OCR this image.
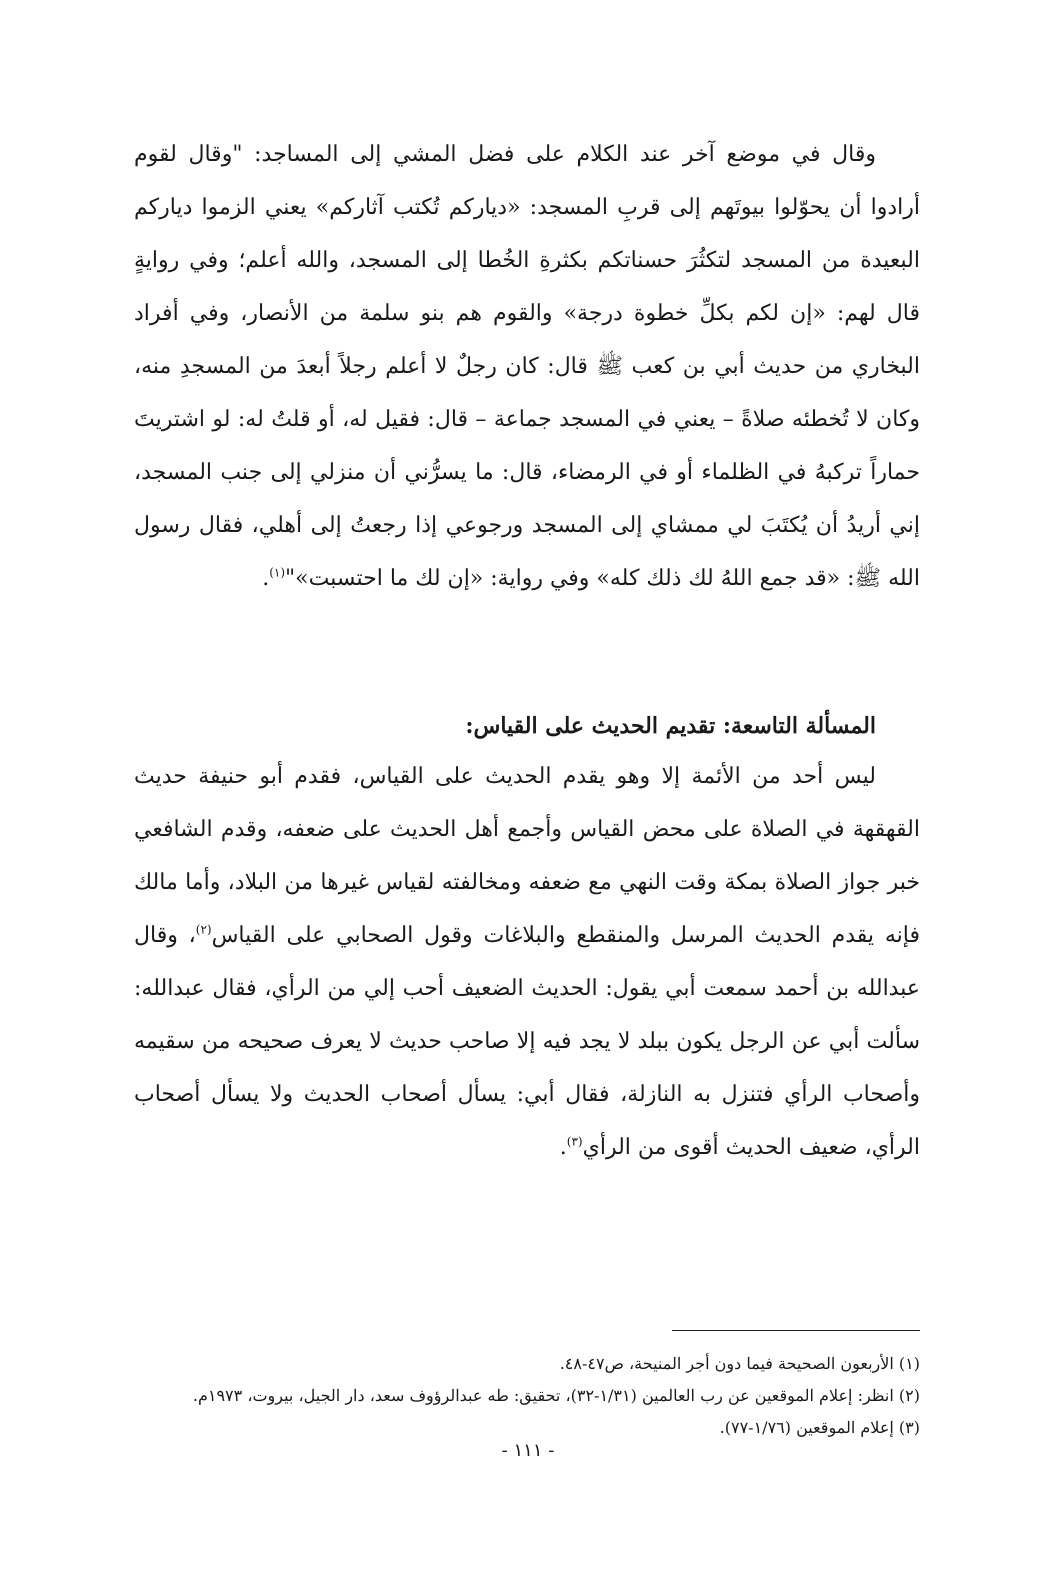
وقال في موضع آخر عند الكلام على فضل المشي إلى المساجد: "وقال لقوم أرادوا أن يحوّلوا بيوتَهم إلى قربِ المسجد: «دياركم تُكتب آثاركم» يعني الزموا دياركم البعيدة من المسجد لتكثُرَ حسناتكم بكثرةِ الخُطا إلى المسجد، والله أعلم؛ وفي روايةٍ قال لهم: «إن لكم بكلِّ خطوة درجة» والقوم هم بنو سلمة من الأنصار، وفي أفراد البخاري من حديث أبي بن كعب ﷺ قال: كان رجلٌ لا أعلم رجلاً أبعدَ من المسجدِ منه، وكان لا تُخطئه صلاةً – يعني في المسجد جماعة – قال: فقيل له، أو قلتُ له: لو اشتريتَ حماراً تركبهُ في الظلماء أو في الرمضاء، قال: ما يسرُّني أن منزلي إلى جنب المسجد، إني أريدُ أن يُكتَبَ لي ممشاي إلى المسجد ورجوعي إذا رجعتُ إلى أهلي، فقال رسول الله ﷺ: «قد جمع اللهُ لك ذلك كله» وفي رواية: «إن لك ما احتسبت»"$^{(١)}$.
المسألة التاسعة: تقديم الحديث على القياس:
ليس أحد من الأئمة إلا وهو يقدم الحديث على القياس، فقدم أبو حنيفة حديث القهقهة في الصلاة على محض القياس وأجمع أهل الحديث على ضعفه، وقدم الشافعي خبر جواز الصلاة بمكة وقت النهي مع ضعفه ومخالفته لقياس غيرها من البلاد، وأما مالك فإنه يقدم الحديث المرسل والمنقطع والبلاغات وقول الصحابي على القياس$^{(٢)}$، وقال عبدالله بن أحمد سمعت أبي يقول: الحديث الضعيف أحب إلي من الرأي، فقال عبدالله: سألت أبي عن الرجل يكون ببلد لا يجد فيه إلا صاحب حديث لا يعرف صحيحه من سقيمه وأصحاب الرأي فتنزل به النازلة، فقال أبي: يسأل أصحاب الحديث ولا يسأل أصحاب الرأي، ضعيف الحديث أقوى من الرأي$^{(٣)}$.
(١) الأربعون الصحيحة فيما دون أجر المنيحة، ص٤٧-٤٨.
(٢) انظر: إعلام الموقعين عن رب العالمين (١/٣١-٣٢)، تحقيق: طه عبدالرؤوف سعد، دار الجيل، بيروت، ١٩٧٣م.
(٣) إعلام الموقعين (١/٧٦-٧٧).
- ١١١ -
